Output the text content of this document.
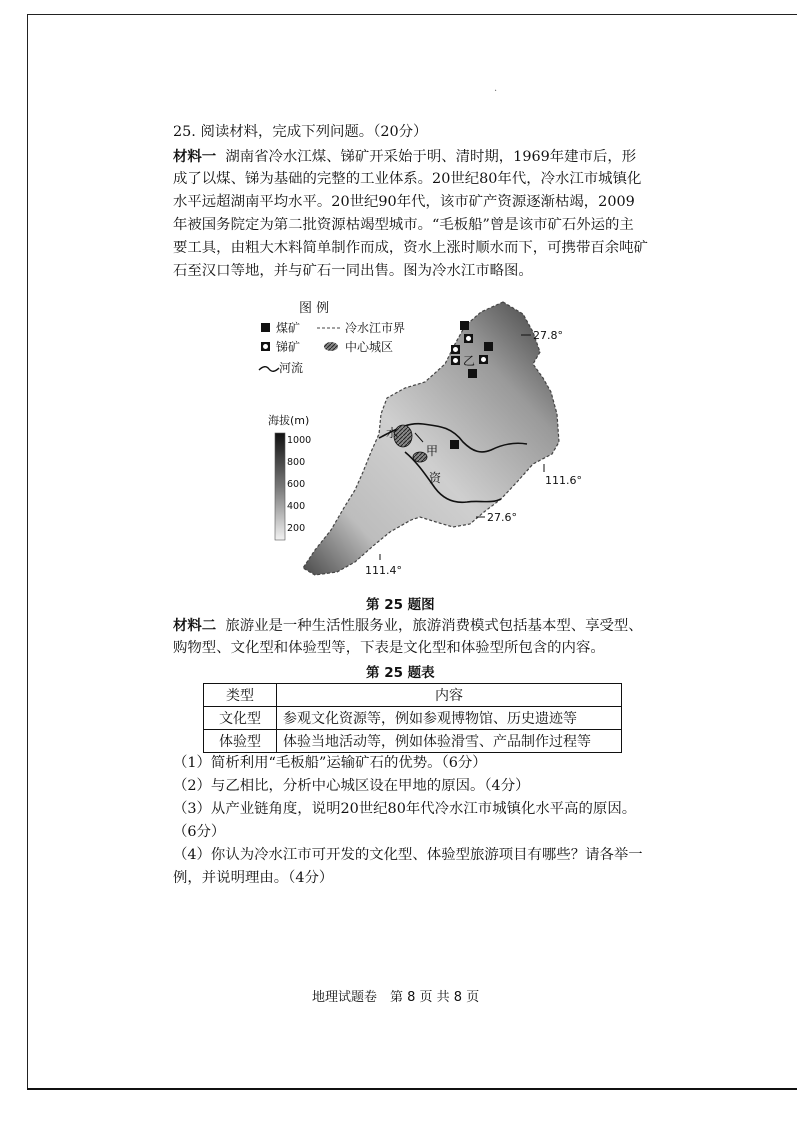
·
25. 阅读材料，完成下列问题。（20分）
材料一 湖南省冷水江煤、锑矿开采始于明、清时期，1969年建市后，形
成了以煤、锑为基础的完整的工业体系。20世纪80年代，冷水江市城镇化
水平远超湖南平均水平。20世纪90年代，该市矿产资源逐渐枯竭，2009
年被国务院定为第二批资源枯竭型城市。“毛板船”曾是该市矿石外运的主
要工具，由粗大木料简单制作而成，资水上涨时顺水而下，可携带百余吨矿
石至汉口等地，并与矿石一同出售。图为冷水江市略图。
图 例
煤矿	冷水江市界
锑矿	中心城区
河流
水
甲
乙
资
27.8°
111.6°
27.6°
111.4°
海拔(m)
1000
800
600
400
200
第 25 题图
材料二 旅游业是一种生活性服务业，旅游消费模式包括基本型、享受型、
购物型、文化型和体验型等，下表是文化型和体验型所包含的内容。
第 25 题表
类型	内容
文化型	参观文化资源等，例如参观博物馆、历史遗迹等
体验型	体验当地活动等，例如体验滑雪、产品制作过程等
（1）简析利用“毛板船”运输矿石的优势。（6分）
（2）与乙相比，分析中心城区设在甲地的原因。（4分）
（3）从产业链角度，说明20世纪80年代冷水江市城镇化水平高的原因。
（6分）
（4）你认为冷水江市可开发的文化型、体验型旅游项目有哪些？请各举一
例，并说明理由。（4分）
地理试题卷　第 8 页 共 8 页
